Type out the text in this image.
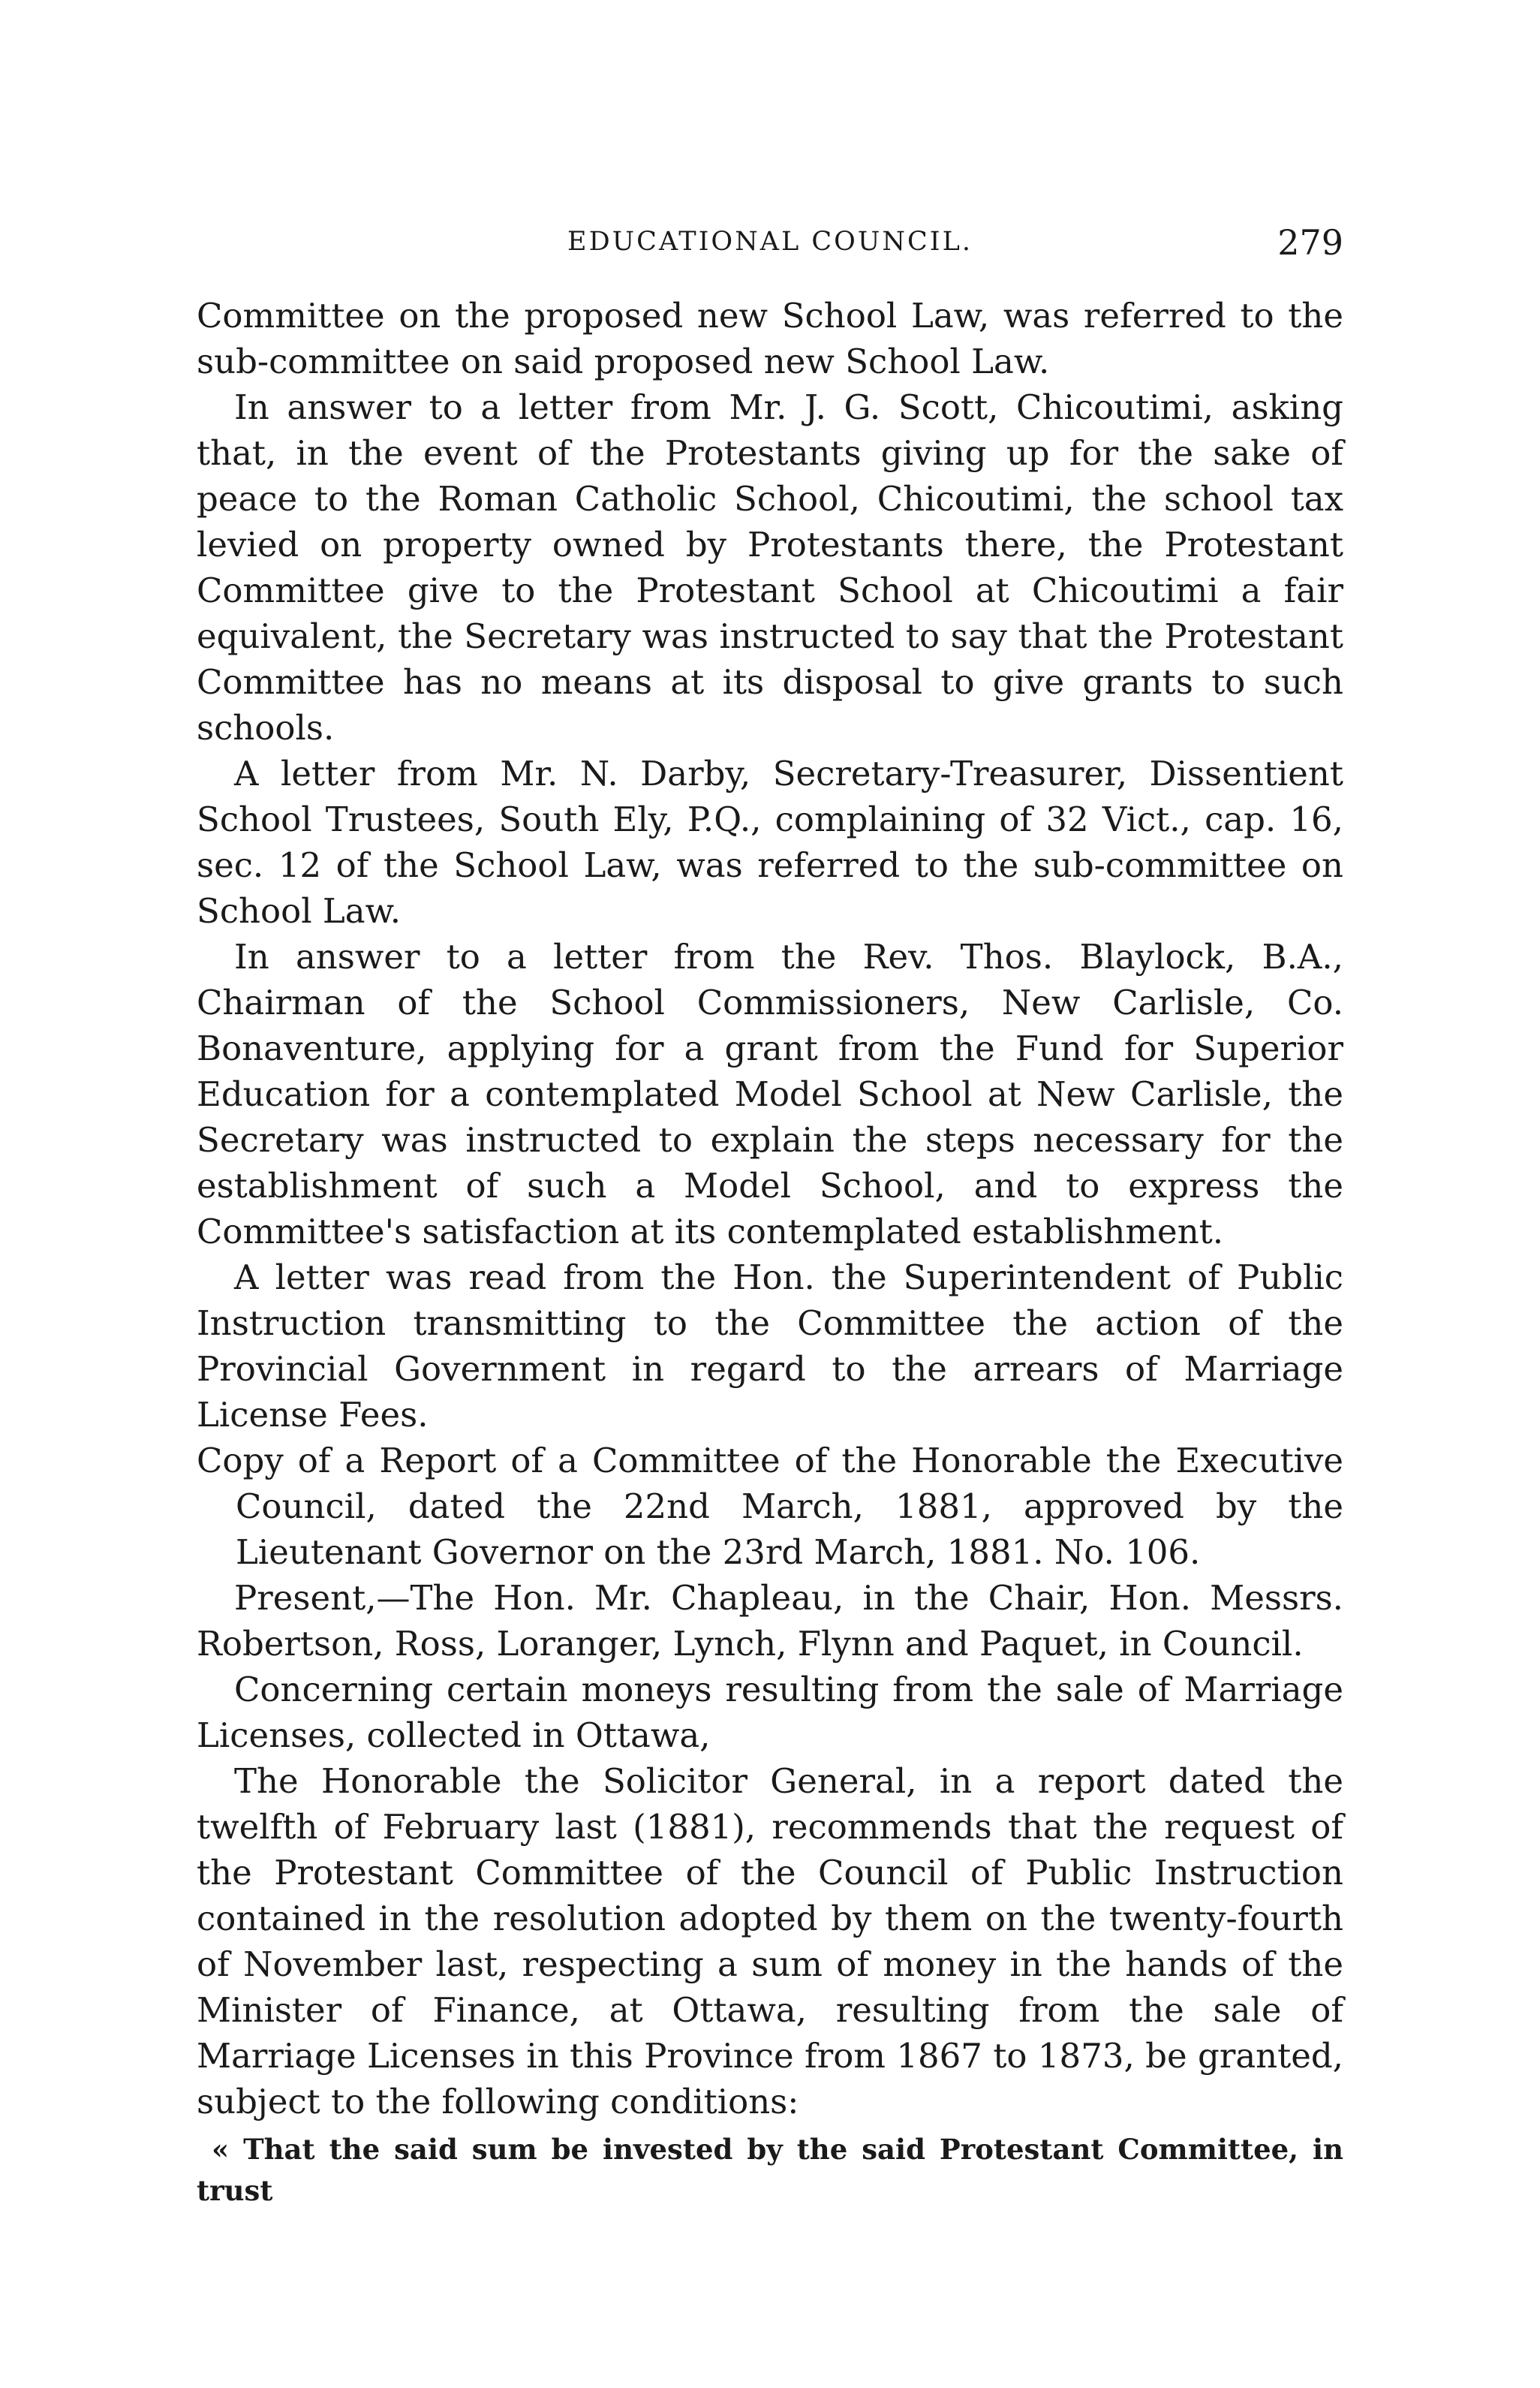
EDUCATIONAL COUNCIL.	279

Committee on the proposed new School Law, was referred to the sub-committee on said proposed new School Law.

In answer to a letter from Mr. J. G. Scott, Chicoutimi, asking that, in the event of the Protestants giving up for the sake of peace to the Roman Catholic School, Chicoutimi, the school tax levied on property owned by Protestants there, the Protestant Committee give to the Protestant School at Chicoutimi a fair equivalent, the Secretary was instructed to say that the Protestant Committee has no means at its disposal to give grants to such schools.

A letter from Mr. N. Darby, Secretary-Treasurer, Dissentient School Trustees, South Ely, P.Q., complaining of 32 Vict., cap. 16, sec. 12 of the School Law, was referred to the sub-committee on School Law.

In answer to a letter from the Rev. Thos. Blaylock, B.A., Chairman of the School Commissioners, New Carlisle, Co. Bonaventure, applying for a grant from the Fund for Superior Education for a contemplated Model School at New Carlisle, the Secretary was instructed to explain the steps necessary for the establishment of such a Model School, and to express the Committee's satisfaction at its contemplated establishment.

A letter was read from the Hon. the Superintendent of Public Instruction transmitting to the Committee the action of the Provincial Government in regard to the arrears of Marriage License Fees.

Copy of a Report of a Committee of the Honorable the Executive Council, dated the 22nd March, 1881, approved by the Lieutenant Governor on the 23rd March, 1881. No. 106.

Present,—The Hon. Mr. Chapleau, in the Chair, Hon. Messrs. Robertson, Ross, Loranger, Lynch, Flynn and Paquet, in Council.

Concerning certain moneys resulting from the sale of Marriage Licenses, collected in Ottawa,

The Honorable the Solicitor General, in a report dated the twelfth of February last (1881), recommends that the request of the Protestant Committee of the Council of Public Instruction contained in the resolution adopted by them on the twenty-fourth of November last, respecting a sum of money in the hands of the Minister of Finance, at Ottawa, resulting from the sale of Marriage Licenses in this Province from 1867 to 1873, be granted, subject to the following conditions:

« That the said sum be invested by the said Protestant Committee, in trust
